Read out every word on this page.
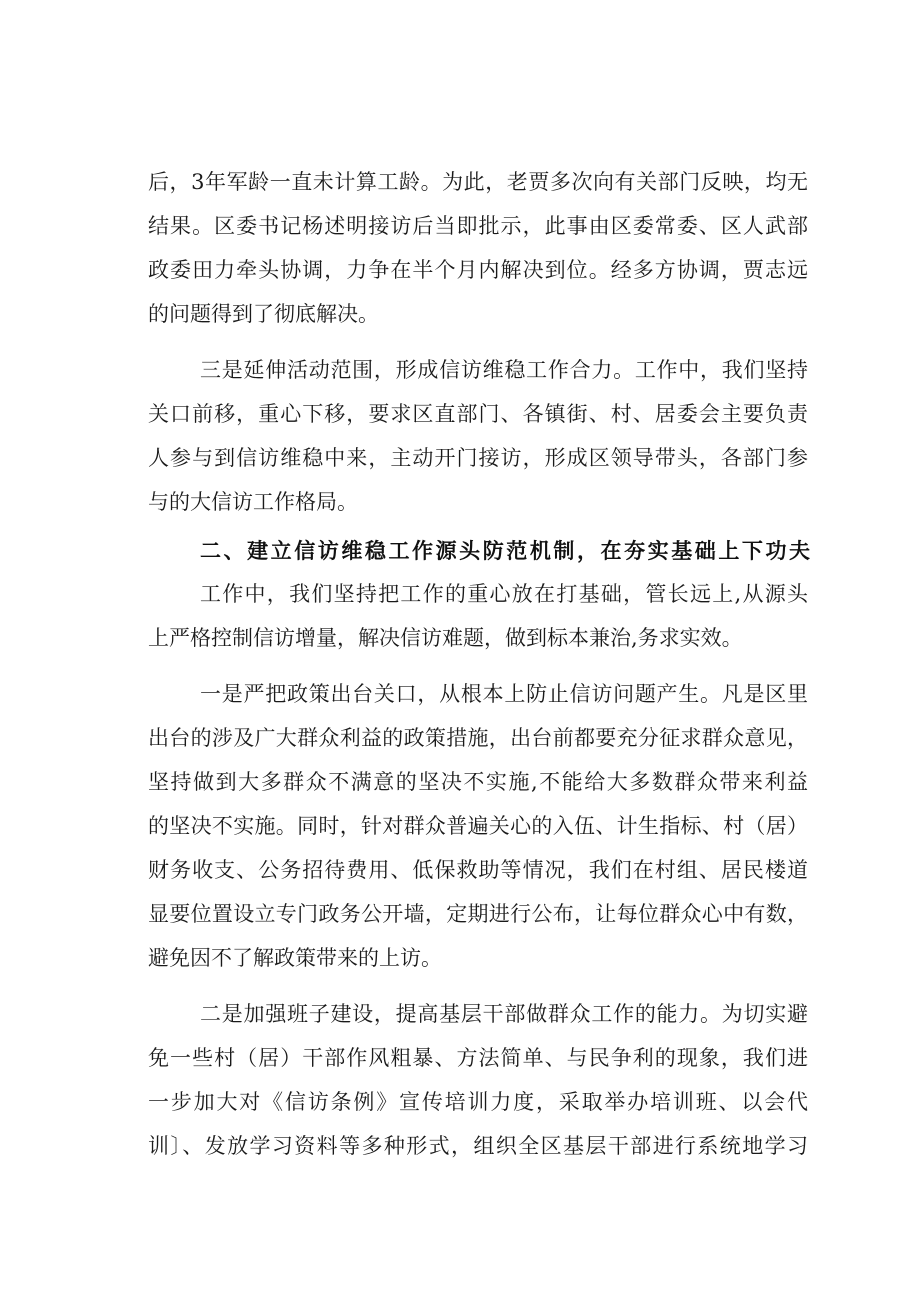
后，3年军龄一直未计算工龄。为此，老贾多次向有关部门反映，均无
结果。区委书记杨述明接访后当即批示，此事由区委常委、区人武部
政委田力牵头协调，力争在半个月内解决到位。经多方协调，贾志远
的问题得到了彻底解决。
三是延伸活动范围，形成信访维稳工作合力。工作中，我们坚持
关口前移，重心下移，要求区直部门、各镇街、村、居委会主要负责
人参与到信访维稳中来，主动开门接访，形成区领导带头，各部门参
与的大信访工作格局。
二、建立信访维稳工作源头防范机制，在夯实基础上下功夫
工作中，我们坚持把工作的重心放在打基础，管长远上,从源头
上严格控制信访增量，解决信访难题，做到标本兼治,务求实效。
一是严把政策出台关口，从根本上防止信访问题产生。凡是区里
出台的涉及广大群众利益的政策措施，出台前都要充分征求群众意见，
坚持做到大多群众不满意的坚决不实施,不能给大多数群众带来利益
的坚决不实施。同时，针对群众普遍关心的入伍、计生指标、村（居）
财务收支、公务招待费用、低保救助等情况，我们在村组、居民楼道
显要位置设立专门政务公开墙，定期进行公布，让每位群众心中有数，
避免因不了解政策带来的上访。
二是加强班子建设，提高基层干部做群众工作的能力。为切实避
免一些村（居）干部作风粗暴、方法简单、与民争利的现象，我们进
一步加大对《信访条例》宣传培训力度，采取举办培训班、以会代
训〕、发放学习资料等多种形式，组织全区基层干部进行系统地学习
